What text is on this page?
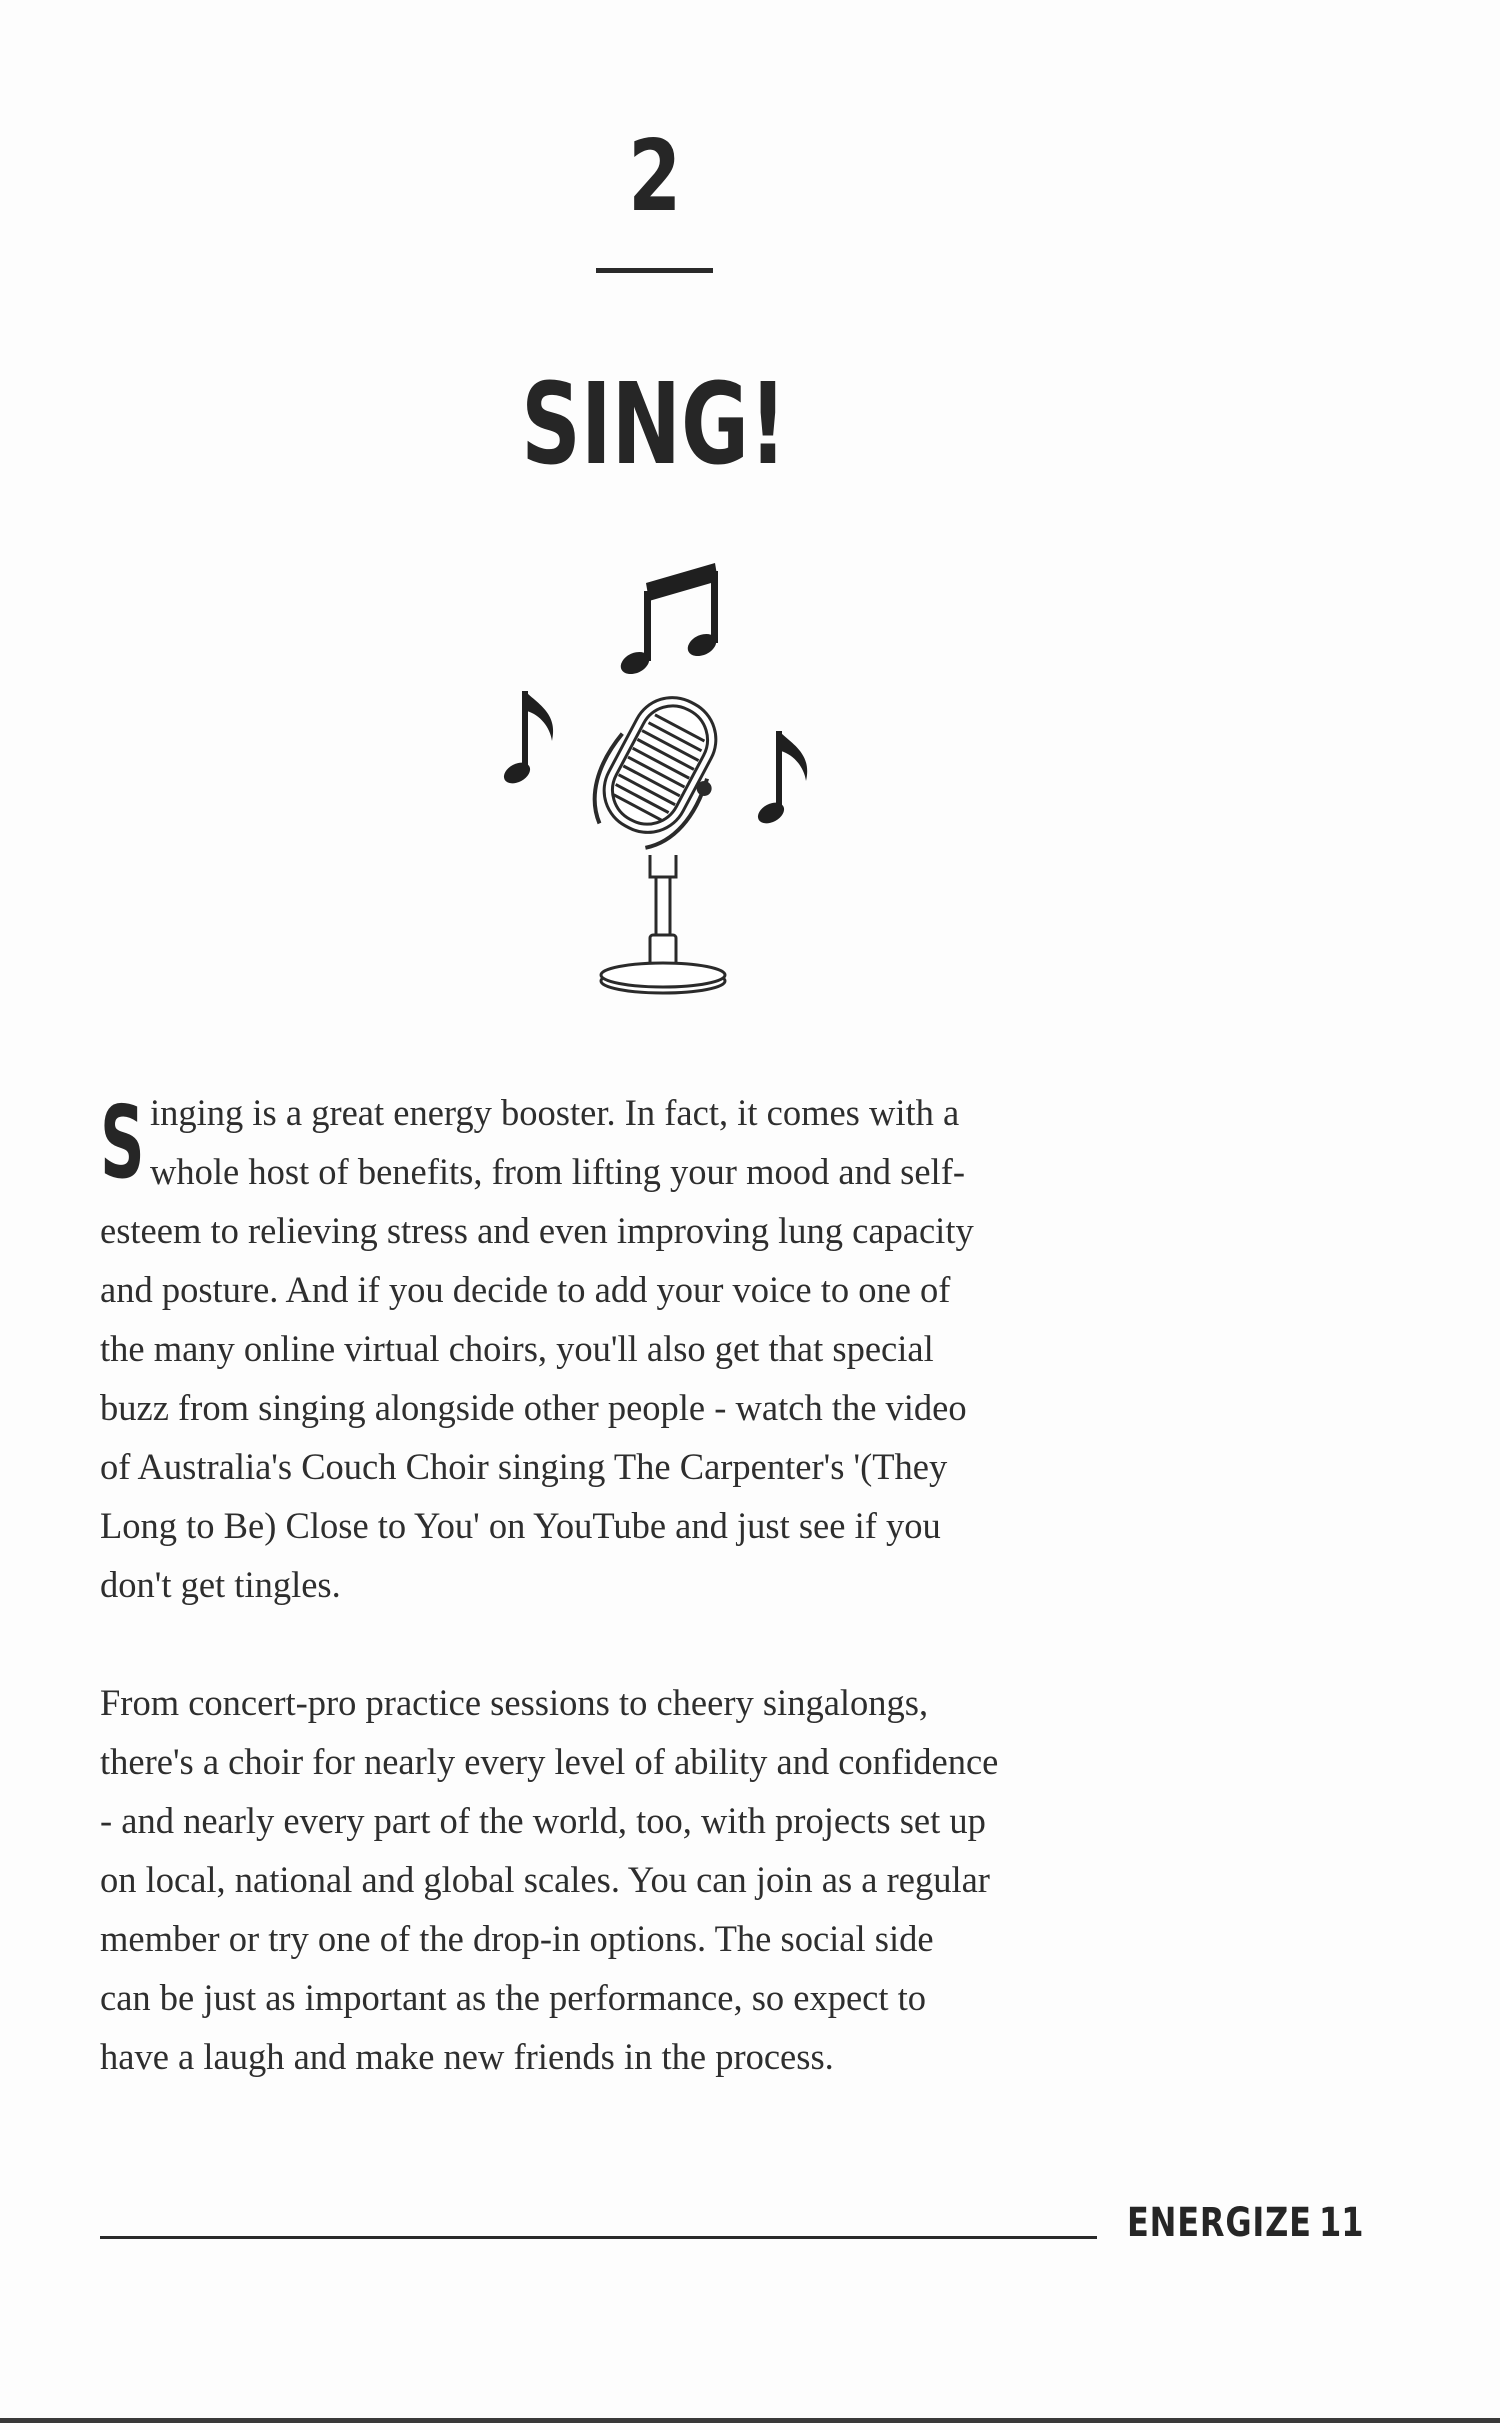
2
SING!
S inging is a great energy booster. In fact, it comes with a
whole host of benefits, from lifting your mood and self-
esteem to relieving stress and even improving lung capacity
and posture. And if you decide to add your voice to one of
the many online virtual choirs, you'll also get that special
buzz from singing alongside other people - watch the video
of Australia's Couch Choir singing The Carpenter's '(They
Long to Be) Close to You' on YouTube and just see if you
don't get tingles.
From concert-pro practice sessions to cheery singalongs,
there's a choir for nearly every level of ability and confidence
- and nearly every part of the world, too, with projects set up
on local, national and global scales. You can join as a regular
member or try one of the drop-in options. The social side
can be just as important as the performance, so expect to
have a laugh and make new friends in the process.
ENERGIZE 11
